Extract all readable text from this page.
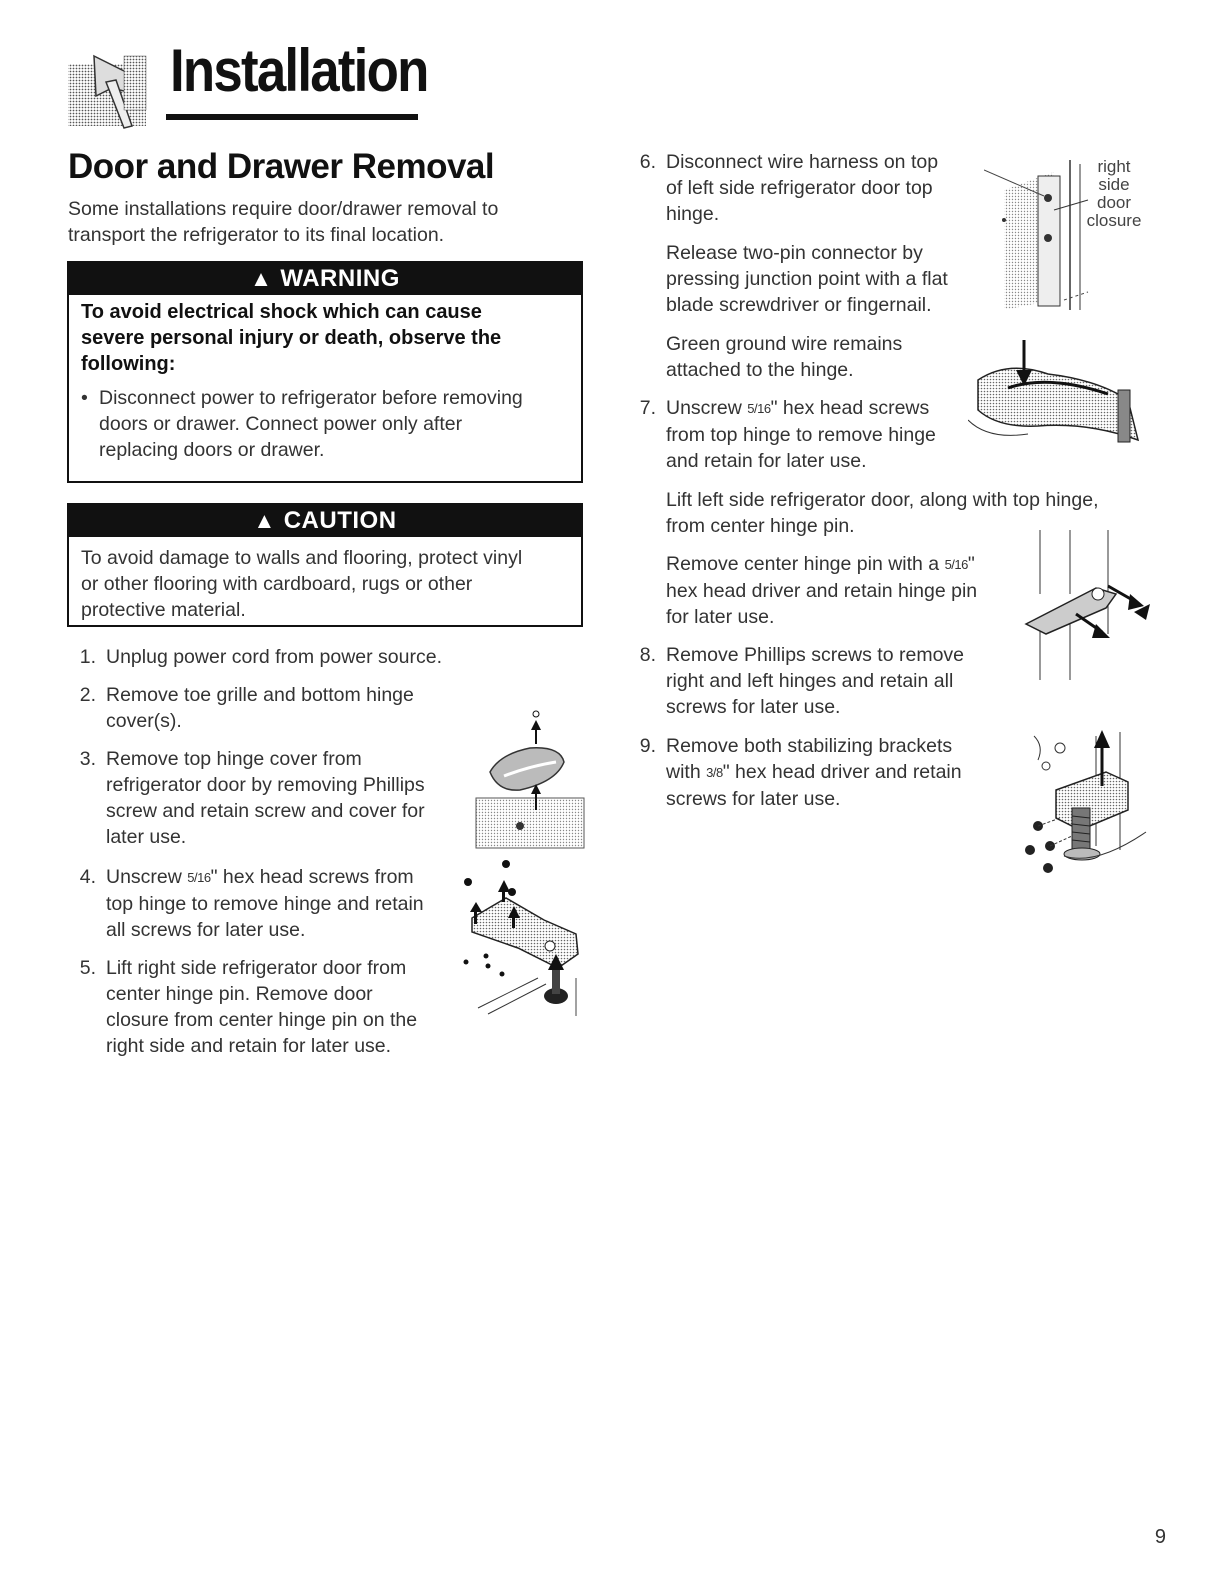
Installation
Door and Drawer Removal
Some installations require door/drawer removal to
transport the refrigerator to its final location.
▲ WARNING
To avoid electrical shock which can cause
severe personal injury or death, observe the
following:
• Disconnect power to refrigerator before removing
doors or drawer. Connect power only after
replacing doors or drawer.
▲ CAUTION
To avoid damage to walls and flooring, protect vinyl
or other flooring with cardboard, rugs or other
protective material.
1. Unplug power cord from power source.
2. Remove toe grille and bottom hinge
cover(s).
3. Remove top hinge cover from
refrigerator door by removing Phillips
screw and retain screw and cover for
later use.
4. Unscrew 5/16" hex head screws from
top hinge to remove hinge and retain
all screws for later use.
5. Lift right side refrigerator door from
center hinge pin. Remove door
closure from center hinge pin on the
right side and retain for later use.
6. Disconnect wire harness on top
of left side refrigerator door top
hinge.
Release two-pin connector by
pressing junction point with a flat
blade screwdriver or fingernail.
Green ground wire remains
attached to the hinge.
7. Unscrew 5/16" hex head screws
from top hinge to remove hinge
and retain for later use.
Lift left side refrigerator door, along with top hinge,
from center hinge pin.
Remove center hinge pin with a 5/16"
hex head driver and retain hinge pin
for later use.
8. Remove Phillips screws to remove
right and left hinges and retain all
screws for later use.
9. Remove both stabilizing brackets
with 3/8" hex head driver and retain
screws for later use.
right
side
door
closure
9
